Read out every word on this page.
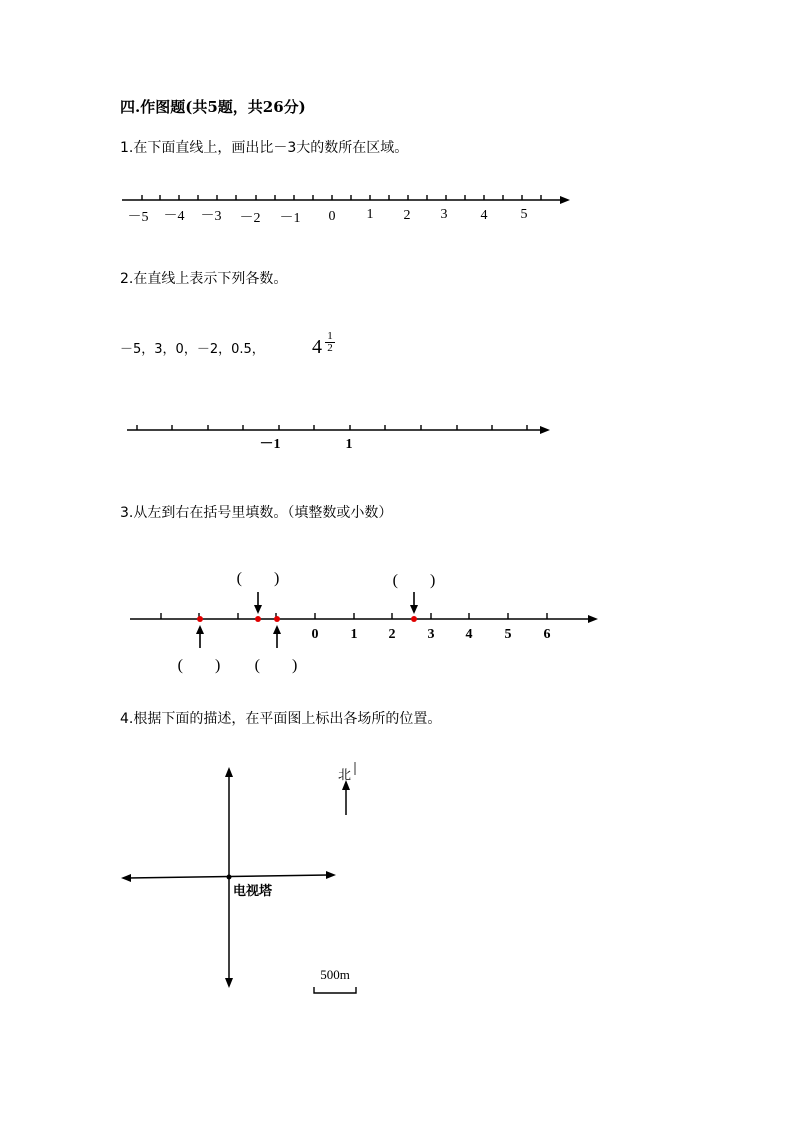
四.作图题(共5题，共26分)
1.在下面直线上，画出比－3大的数所在区域。
－5 －4 －3 －2 －1 0 1 2 3 4 5
－1	1
0 1 2 3 4 5 6
(　　)	(　　)
(　　) (　　)
500m
2.在直线上表示下列各数。
－5，3，0，－2，0.5， $4 \frac{1}{2}$
3.从左到右在括号里填数。（填整数或小数）
4.根据下面的描述，在平面图上标出各场所的位置。
北
电视塔
